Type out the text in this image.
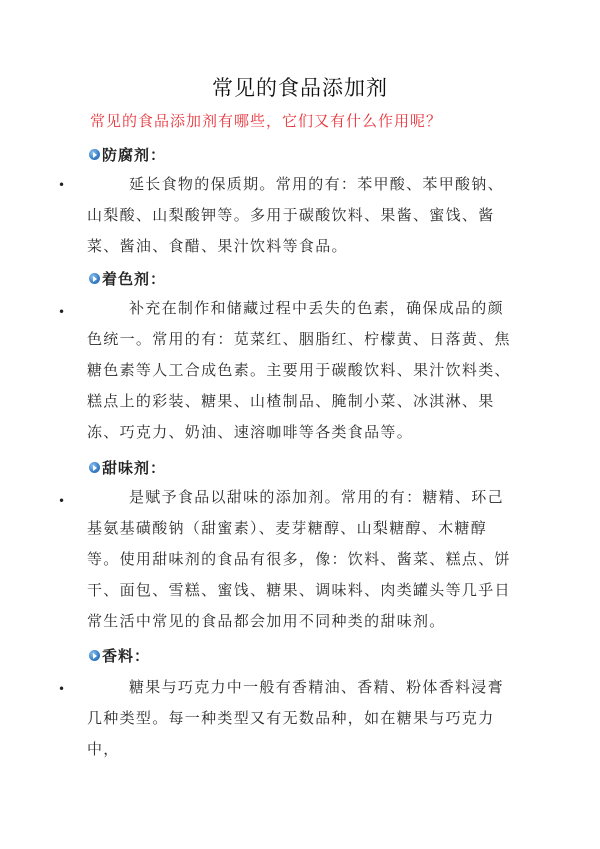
常见的食品添加剂
常见的食品添加剂有哪些，它们又有什么作用呢？
防腐剂：
•	延长食物的保质期。常用的有：苯甲酸、苯甲酸钠、山梨酸、山梨酸钾等。多用于碳酸饮料、果酱、蜜饯、酱菜、酱油、食醋、果汁饮料等食品。
着色剂：
•	补充在制作和储藏过程中丢失的色素，确保成品的颜色统一。常用的有：苋菜红、胭脂红、柠檬黄、日落黄、焦糖色素等人工合成色素。主要用于碳酸饮料、果汁饮料类、糕点上的彩装、糖果、山楂制品、腌制小菜、冰淇淋、果冻、巧克力、奶油、速溶咖啡等各类食品等。
甜味剂：
•	是赋予食品以甜味的添加剂。常用的有：糖精、环己基氨基磺酸钠（甜蜜素）、麦芽糖醇、山梨糖醇、木糖醇等。使用甜味剂的食品有很多，像：饮料、酱菜、糕点、饼干、面包、雪糕、蜜饯、糖果、调味料、肉类罐头等几乎日常生活中常见的食品都会加用不同种类的甜味剂。
香料：
•	糖果与巧克力中一般有香精油、香精、粉体香料浸膏几种类型。每一种类型又有无数品种，如在糖果与巧克力中，
